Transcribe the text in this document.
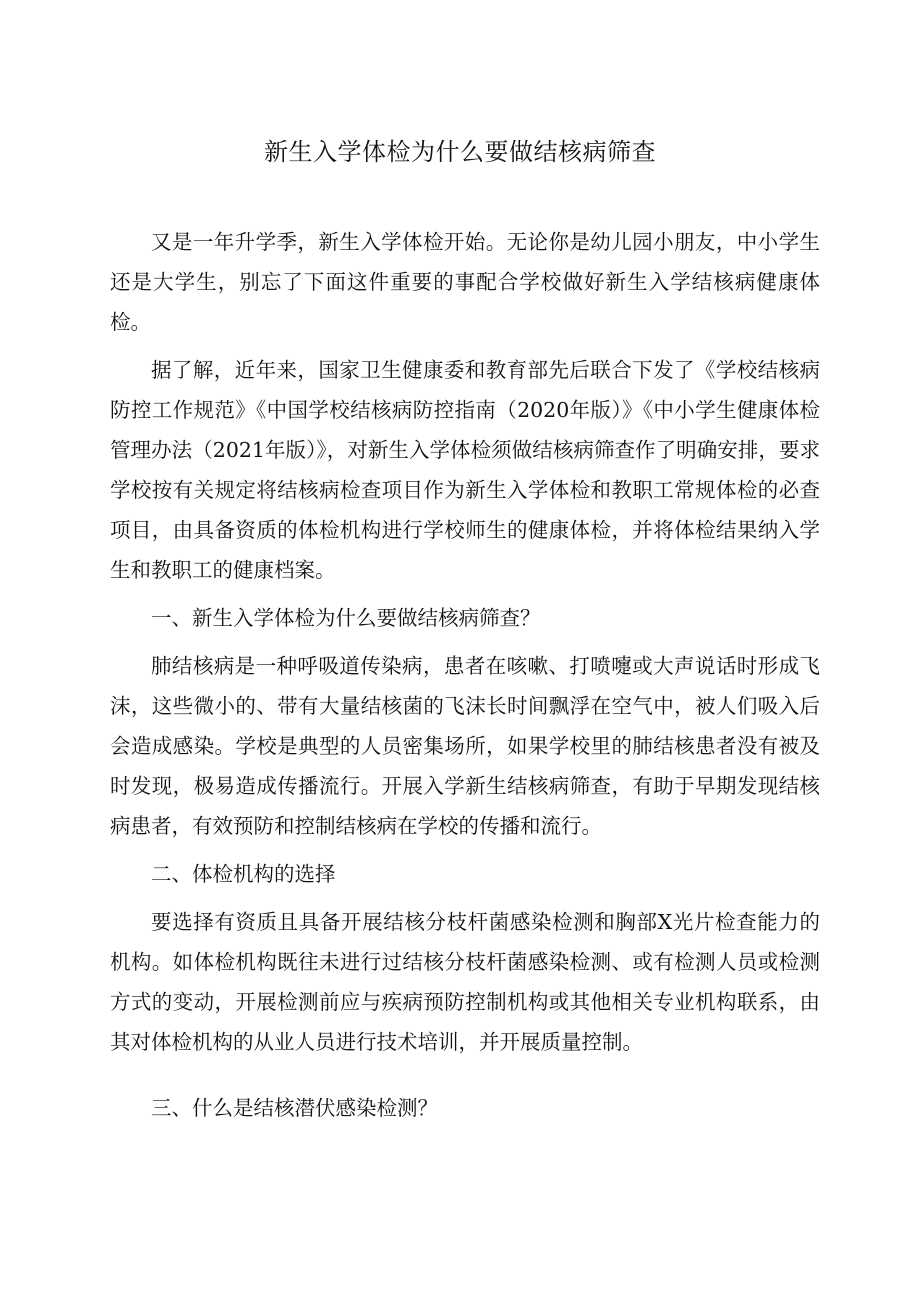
新生入学体检为什么要做结核病筛查

又是一年升学季，新生入学体检开始。无论你是幼儿园小朋友，中小学生还是大学生，别忘了下面这件重要的事配合学校做好新生入学结核病健康体检。

据了解，近年来，国家卫生健康委和教育部先后联合下发了《学校结核病防控工作规范》《中国学校结核病防控指南（2020年版）》《中小学生健康体检管理办法（2021年版）》，对新生入学体检须做结核病筛查作了明确安排，要求学校按有关规定将结核病检查项目作为新生入学体检和教职工常规体检的必查项目，由具备资质的体检机构进行学校师生的健康体检，并将体检结果纳入学生和教职工的健康档案。

一、新生入学体检为什么要做结核病筛查？

肺结核病是一种呼吸道传染病，患者在咳嗽、打喷嚏或大声说话时形成飞沫，这些微小的、带有大量结核菌的飞沫长时间飘浮在空气中，被人们吸入后会造成感染。学校是典型的人员密集场所，如果学校里的肺结核患者没有被及时发现，极易造成传播流行。开展入学新生结核病筛查，有助于早期发现结核病患者，有效预防和控制结核病在学校的传播和流行。

二、体检机构的选择

要选择有资质且具备开展结核分枝杆菌感染检测和胸部X光片检查能力的机构。如体检机构既往未进行过结核分枝杆菌感染检测、或有检测人员或检测方式的变动，开展检测前应与疾病预防控制机构或其他相关专业机构联系，由其对体检机构的从业人员进行技术培训，并开展质量控制。

三、什么是结核潜伏感染检测？
